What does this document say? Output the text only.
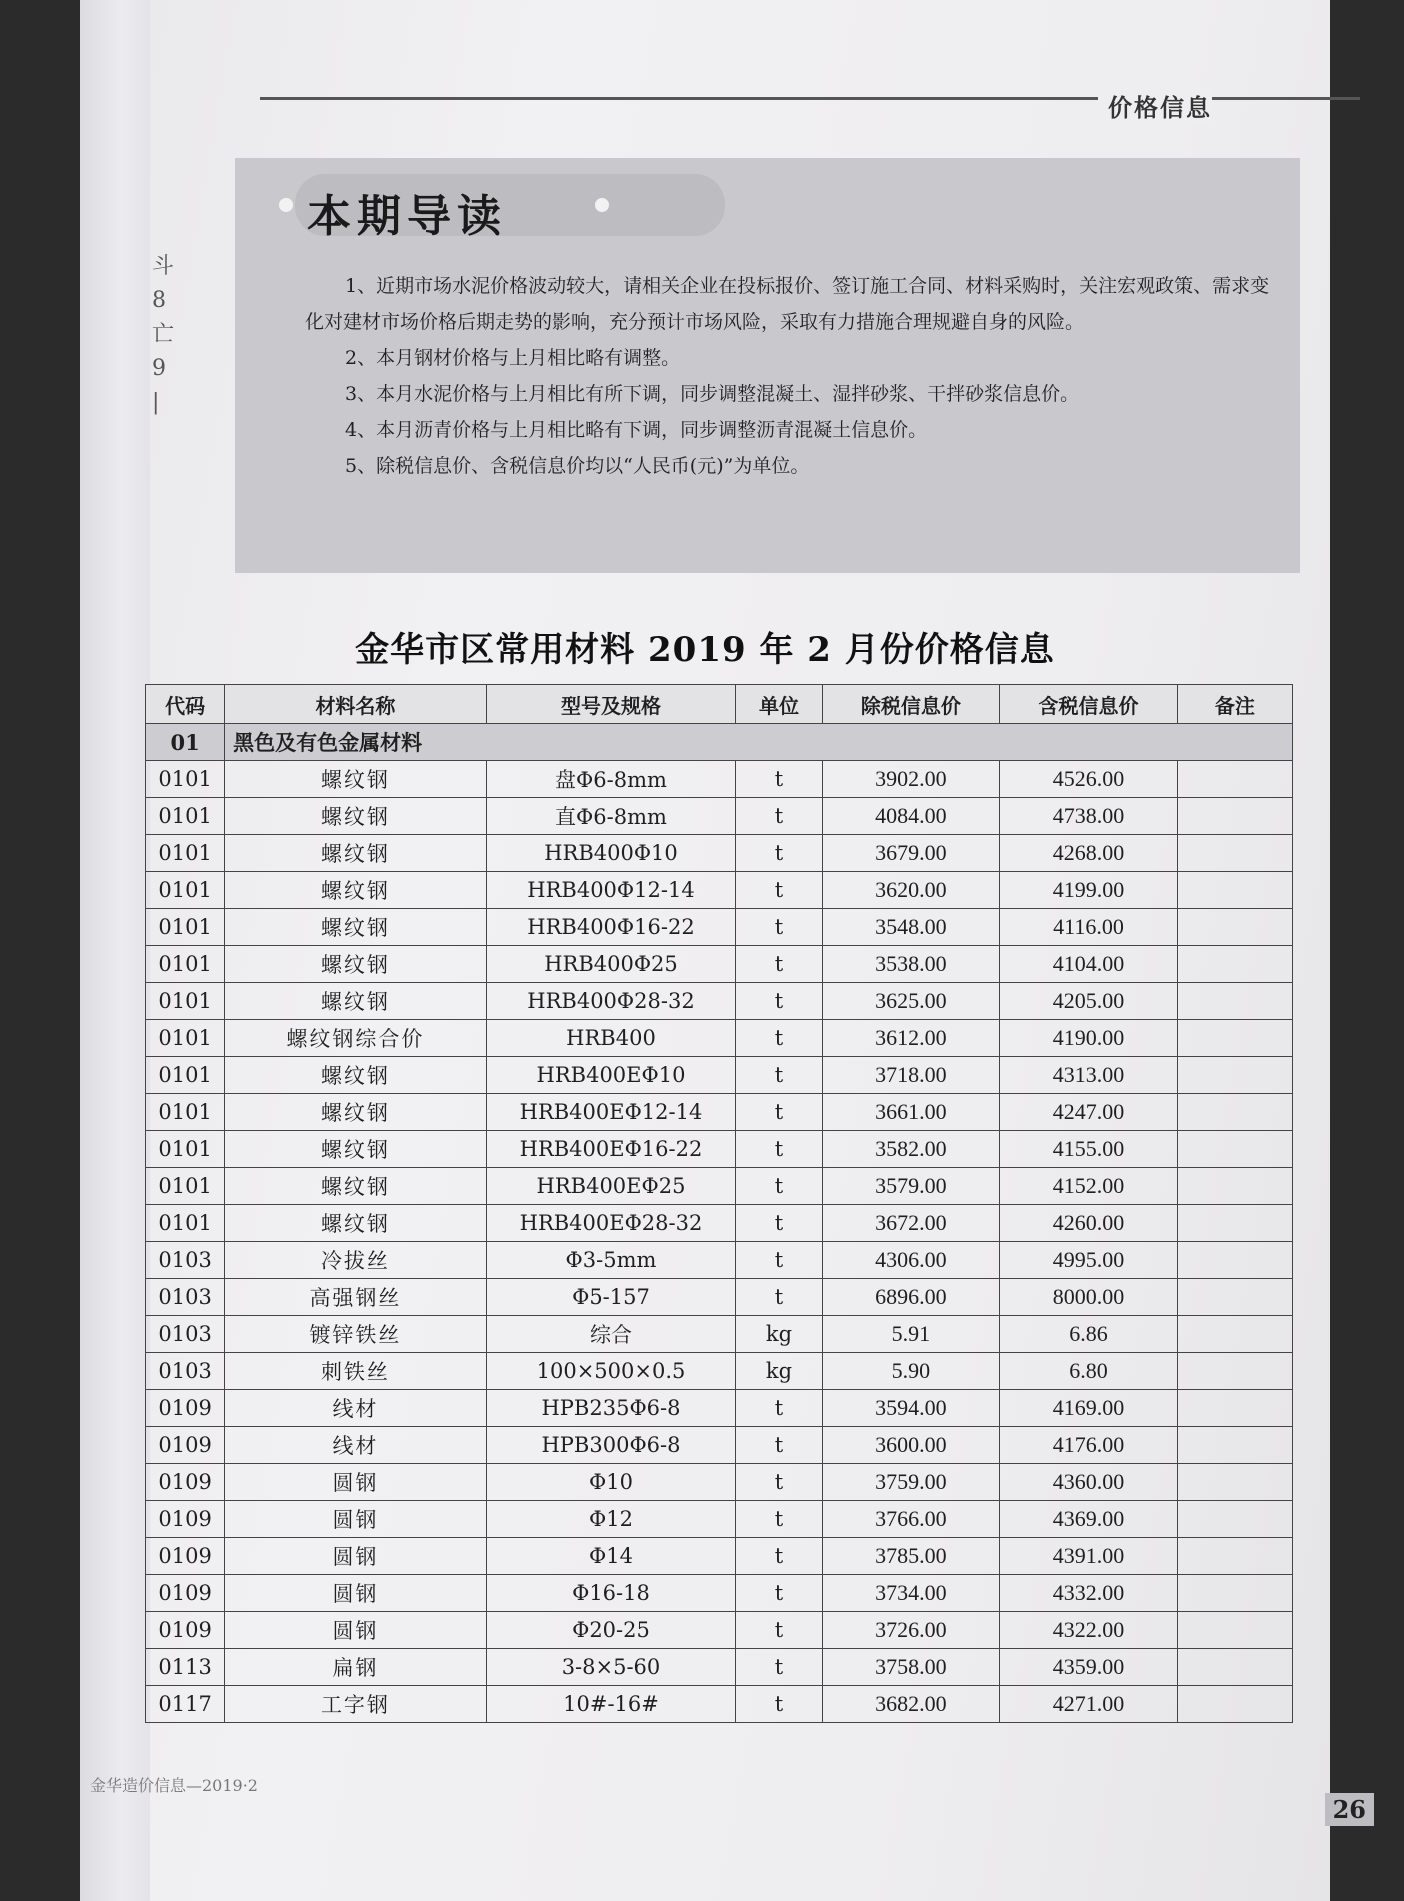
斗
8
亡
9
|
价格信息
本期导读

1、近期市场水泥价格波动较大，请相关企业在投标报价、签订施工合同、材料采购时，关注宏观政策、需求变化对建材市场价格后期走势的影响，充分预计市场风险，采取有力措施合理规避自身的风险。

2、本月钢材价格与上月相比略有调整。

3、本月水泥价格与上月相比有所下调，同步调整混凝土、湿拌砂浆、干拌砂浆信息价。

4、本月沥青价格与上月相比略有下调，同步调整沥青混凝土信息价。

5、除税信息价、含税信息价均以“人民币(元)”为单位。

金华市区常用材料 2019 年 2 月份价格信息
代码	材料名称	型号及规格	单位	除税信息价	含税信息价	备注
01	黑色及有色金属材料					
0101	螺纹钢	盘Φ6-8mm	t	3902.00	4526.00	
0101	螺纹钢	直Φ6-8mm	t	4084.00	4738.00	
0101	螺纹钢	HRB400Φ10	t	3679.00	4268.00	
0101	螺纹钢	HRB400Φ12-14	t	3620.00	4199.00	
0101	螺纹钢	HRB400Φ16-22	t	3548.00	4116.00	
0101	螺纹钢	HRB400Φ25	t	3538.00	4104.00	
0101	螺纹钢	HRB400Φ28-32	t	3625.00	4205.00	
0101	螺纹钢综合价	HRB400	t	3612.00	4190.00	
0101	螺纹钢	HRB400EΦ10	t	3718.00	4313.00	
0101	螺纹钢	HRB400EΦ12-14	t	3661.00	4247.00	
0101	螺纹钢	HRB400EΦ16-22	t	3582.00	4155.00	
0101	螺纹钢	HRB400EΦ25	t	3579.00	4152.00	
0101	螺纹钢	HRB400EΦ28-32	t	3672.00	4260.00	
0103	冷拔丝	Φ3-5mm	t	4306.00	4995.00	
0103	高强钢丝	Φ5-157	t	6896.00	8000.00	
0103	镀锌铁丝	综合	kg	5.91	6.86	
0103	刺铁丝	100×500×0.5	kg	5.90	6.80	
0109	线材	HPB235Φ6-8	t	3594.00	4169.00	
0109	线材	HPB300Φ6-8	t	3600.00	4176.00	
0109	圆钢	Φ10	t	3759.00	4360.00	
0109	圆钢	Φ12	t	3766.00	4369.00	
0109	圆钢	Φ14	t	3785.00	4391.00	
0109	圆钢	Φ16-18	t	3734.00	4332.00	
0109	圆钢	Φ20-25	t	3726.00	4322.00	
0113	扁钢	3-8×5-60	t	3758.00	4359.00	
0117	工字钢	10#-16#	t	3682.00	4271.00	
金华造价信息—2019·2
26
